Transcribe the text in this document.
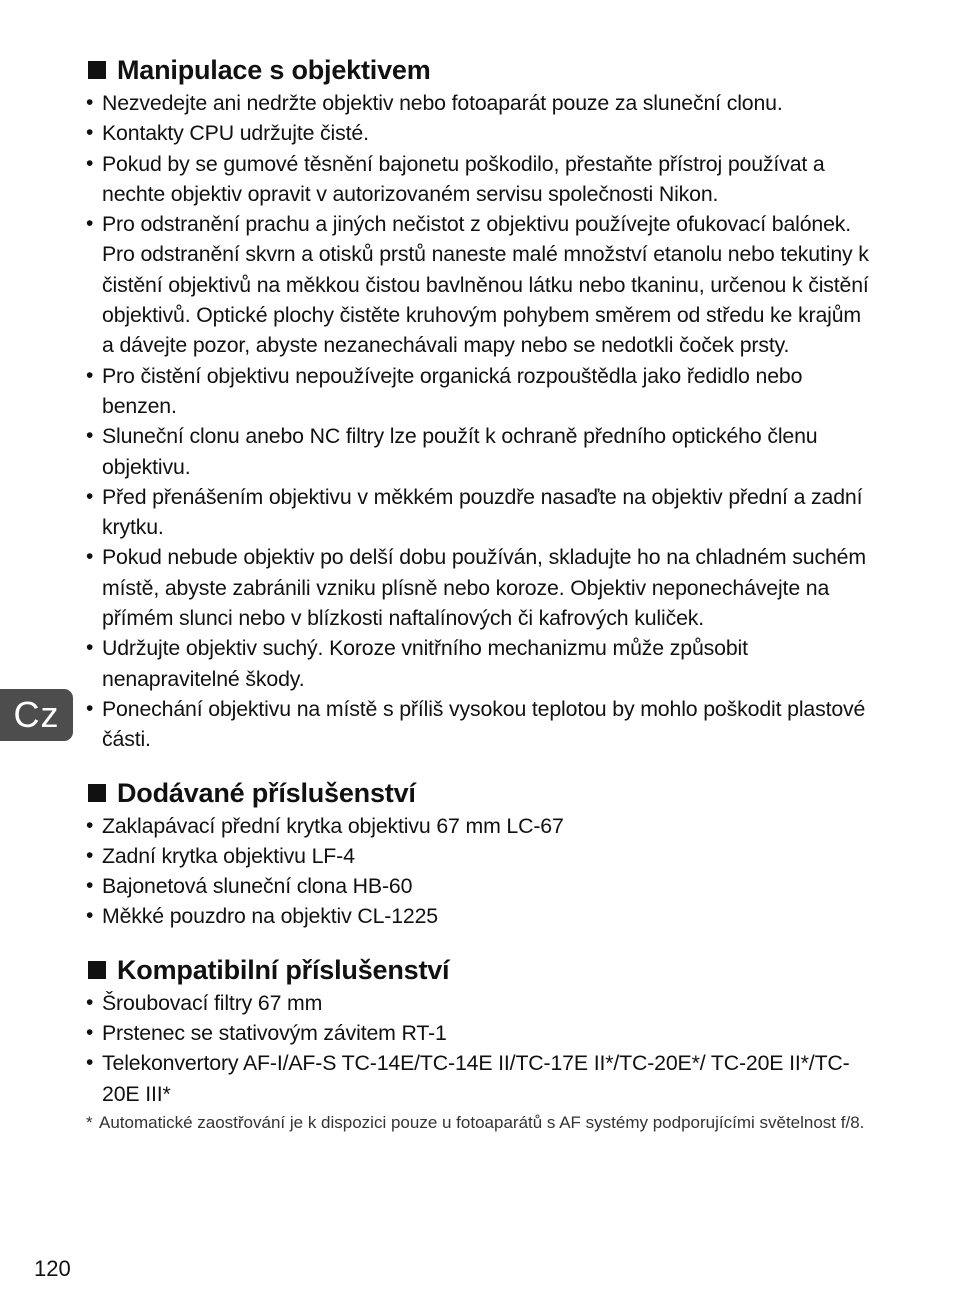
Manipulace s objektivem
• Nezvedejte ani nedržte objektiv nebo fotoaparát pouze za sluneční clonu.
• Kontakty CPU udržujte čisté.
• Pokud by se gumové těsnění bajonetu poškodilo, přestaňte přístroj používat a nechte objektiv opravit v autorizovaném servisu společnosti Nikon.
• Pro odstranění prachu a jiných nečistot z objektivu používejte ofukovací balónek. Pro odstranění skvrn a otisků prstů naneste malé množství etanolu nebo tekutiny k čistění objektivů na měkkou čistou bavlněnou látku nebo tkaninu, určenou k čistění objektivů. Optické plochy čistěte kruhovým pohybem směrem od středu ke krajům a dávejte pozor, abyste nezanechávali mapy nebo se nedotkli čoček prsty.
• Pro čistění objektivu nepoužívejte organická rozpouštědla jako ředidlo nebo benzen.
• Sluneční clonu anebo NC filtry lze použít k ochraně předního optického členu objektivu.
• Před přenášením objektivu v měkkém pouzdře nasaďte na objektiv přední a zadní krytku.
• Pokud nebude objektiv po delší dobu používán, skladujte ho na chladném suchém místě, abyste zabránili vzniku plísně nebo koroze. Objektiv neponechávejte na přímém slunci nebo v blízkosti naftalínových či kafrových kuliček.
• Udržujte objektiv suchý. Koroze vnitřního mechanizmu může způsobit nenapravitelné škody.
• Ponechání objektivu na místě s příliš vysokou teplotou by mohlo poškodit plastové části.
Dodávané příslušenství
• Zaklapávací přední krytka objektivu 67 mm LC-67
• Zadní krytka objektivu LF-4
• Bajonetová sluneční clona HB-60
• Měkké pouzdro na objektiv CL-1225
Kompatibilní příslušenství
• Šroubovací filtry 67 mm
• Prstenec se stativovým závitem RT-1
• Telekonvertory AF-I/AF-S TC-14E/TC-14E II/TC-17E II*/TC-20E*/ TC-20E II*/TC-20E III*
* Automatické zaostřování je k dispozici pouze u fotoaparátů s AF systémy podporujícími světelnost f/8.
Cz
120
